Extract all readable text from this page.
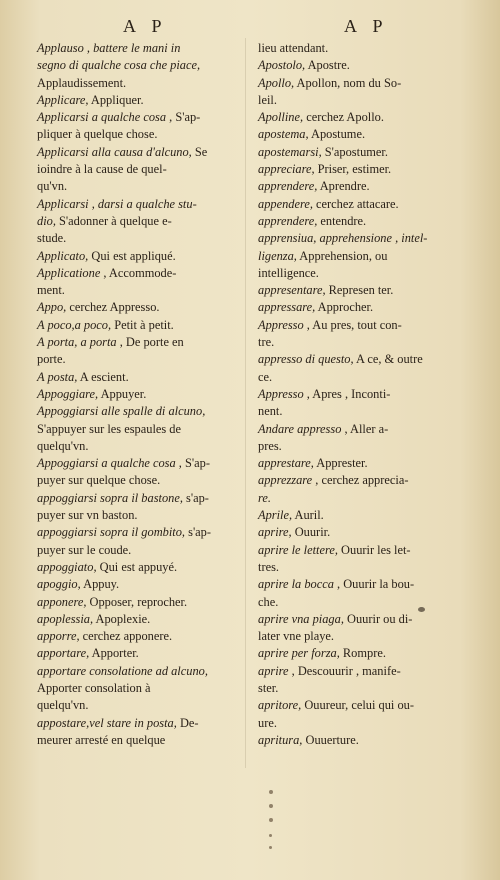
A P	A P

Applauso , battere le mani in

segno di qualche cosa che piace,

Applaudissement.

Applicare, Appliquer.

Applicarsi a qualche cosa , S'ap-

pliquer à quelque chose.

Applicarsi alla causa d'alcuno, Se

ioindre à la cause de quel-

qu'vn.

Applicarsi , darsi a qualche stu-

dio, S'adonner à quelque e-

stude.

Applicato, Qui est appliqué.

Applicatione , Accommode-

ment.

Appo, cerchez Appresso.

A poco,a poco, Petit à petit.

A porta, a porta , De porte en

porte.

A posta, A escient.

Appoggiare, Appuyer.

Appoggiarsi alle spalle di alcuno,

S'appuyer sur les espaules de

quelqu'vn.

Appoggiarsi a qualche cosa , S'ap-

puyer sur quelque chose.

appoggiarsi sopra il bastone, s'ap-

puyer sur vn baston.

appoggiarsi sopra il gombito, s'ap-

puyer sur le coude.

appoggiato, Qui est appuyé.

apoggio, Appuy.

apponere, Opposer, reprocher.

apoplessia, Apoplexie.

apporre, cerchez apponere.

apportare, Apporter.

apportare consolatione ad alcuno,

Apporter consolation à

quelqu'vn.

appostare,vel stare in posta, De-

meurer arresté en quelque

lieu attendant.

Apostolo, Apostre.

Apollo, Apollon, nom du So-

leil.

Apolline, cerchez Apollo.

apostema, Apostume.

apostemarsi, S'apostumer.

appreciare, Priser, estimer.

apprendere, Aprendre.

appendere, cerchez attacare.

apprendere, entendre.

apprensiua, apprehensione , intel-

ligenza, Apprehension, ou

intelligence.

appresentare, Represen ter.

appressare, Approcher.

Appresso , Au pres, tout con-

tre.

appresso di questo, A ce, & outre

ce.

Appresso , Apres , Inconti-

nent.

Andare appresso , Aller a-

pres.

apprestare, Apprester.

apprezzare , cerchez apprecia-

re.

Aprile, Auril.

aprire, Ouurir.

aprire le lettere, Ouurir les let-

tres.

aprire la bocca , Ouurir la bou-

che.

aprire vna piaga, Ouurir ou di-

later vne playe.

aprire per forza, Rompre.

aprire , Descouurir , manife-

ster.

apritore, Ouureur, celui qui ou-

ure.

apritura, Ouuerture.
